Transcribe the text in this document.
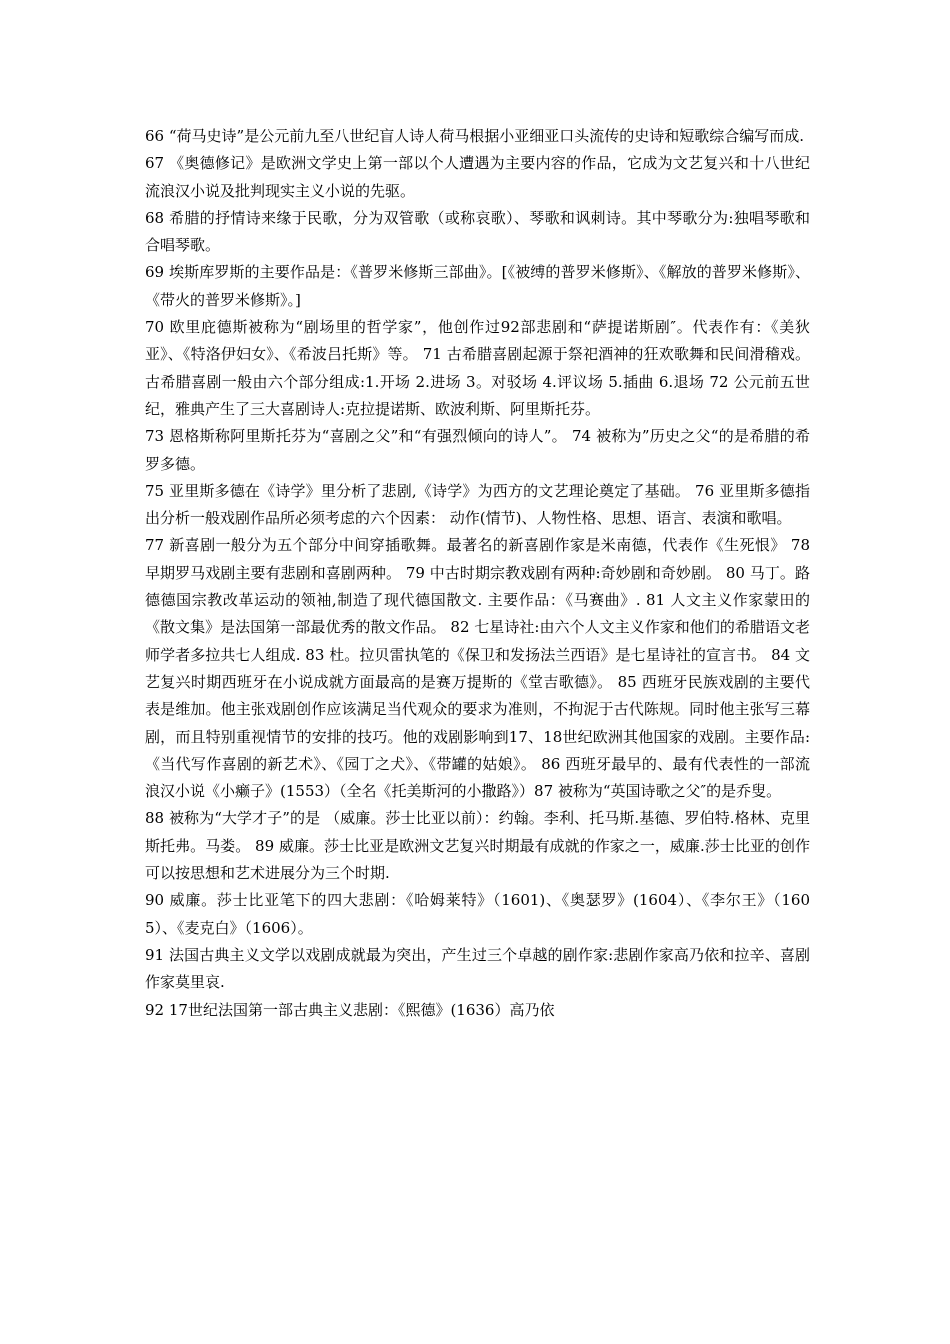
66 “荷马史诗”是公元前九至八世纪盲人诗人荷马根据小亚细亚口头流传的史诗和短歌综合编写而成.

67 《奥德修记》是欧洲文学史上第一部以个人遭遇为主要内容的作品，它成为文艺复兴和十八世纪流浪汉小说及批判现实主义小说的先驱。

68 希腊的抒情诗来缘于民歌，分为双管歌（或称哀歌）、琴歌和讽刺诗。其中琴歌分为:独唱琴歌和合唱琴歌。

69 埃斯库罗斯的主要作品是：《普罗米修斯三部曲》。[《被缚的普罗米修斯》、《解放的普罗米修斯》、《带火的普罗米修斯》。]

70 欧里庇德斯被称为“剧场里的哲学家”，他创作过92部悲剧和“萨提诺斯剧″。代表作有：《美狄亚》、《特洛伊妇女》、《希波吕托斯》等。 71 古希腊喜剧起源于祭祀酒神的狂欢歌舞和民间滑稽戏。 古希腊喜剧一般由六个部分组成:1.开场 2.进场 3。对驳场 4.评议场 5.插曲 6.退场 72 公元前五世纪，雅典产生了三大喜剧诗人:克拉提诺斯、欧波利斯、阿里斯托芬。

73 恩格斯称阿里斯托芬为“喜剧之父”和“有强烈倾向的诗人”。 74 被称为”历史之父“的是希腊的希罗多德。

75 亚里斯多德在《诗学》里分析了悲剧,《诗学》为西方的文艺理论奠定了基础。 76 亚里斯多德指出分析一般戏剧作品所必须考虑的六个因素： 动作(情节)、人物性格、思想、语言、表演和歌唱。

77 新喜剧一般分为五个部分中间穿插歌舞。最著名的新喜剧作家是米南德，代表作《生死恨》 78 早期罗马戏剧主要有悲剧和喜剧两种。 79 中古时期宗教戏剧有两种:奇妙剧和奇妙剧。 80 马丁。路德德国宗教改革运动的领袖,制造了现代德国散文. 主要作品：《马赛曲》. 81 人文主义作家蒙田的《散文集》是法国第一部最优秀的散文作品。 82 七星诗社:由六个人文主义作家和他们的希腊语文老师学者多拉共七人组成. 83 杜。拉贝雷执笔的《保卫和发扬法兰西语》是七星诗社的宣言书。 84 文艺复兴时期西班牙在小说成就方面最高的是赛万提斯的《堂吉歌德》。 85 西班牙民族戏剧的主要代表是维加。他主张戏剧创作应该满足当代观众的要求为准则，不拘泥于古代陈规。同时他主张写三幕剧，而且特别重视情节的安排的技巧。他的戏剧影响到17、18世纪欧洲其他国家的戏剧。主要作品:《当代写作喜剧的新艺术》、《园丁之犬》、《带罐的姑娘》。 86 西班牙最早的、最有代表性的一部流浪汉小说《小癞子》(1553）（全名《托美斯河的小撒路》）87 被称为“英国诗歌之父″的是乔叟。

88 被称为“大学才子”的是 （威廉。莎士比亚以前）：约翰。李利、托马斯.基德、罗伯特.格林、克里斯托弗。马娄。 89 威廉。莎士比亚是欧洲文艺复兴时期最有成就的作家之一，威廉.莎士比亚的创作可以按思想和艺术进展分为三个时期.

90 威廉。莎士比亚笔下的四大悲剧：《哈姆莱特》（1601)、《奥瑟罗》(1604）、《李尔王》（1605）、《麦克白》（1606）。

91 法国古典主义文学以戏剧成就最为突出，产生过三个卓越的剧作家:悲剧作家高乃依和拉辛、喜剧作家莫里哀.

92 17世纪法国第一部古典主义悲剧：《熙德》(1636）高乃依
